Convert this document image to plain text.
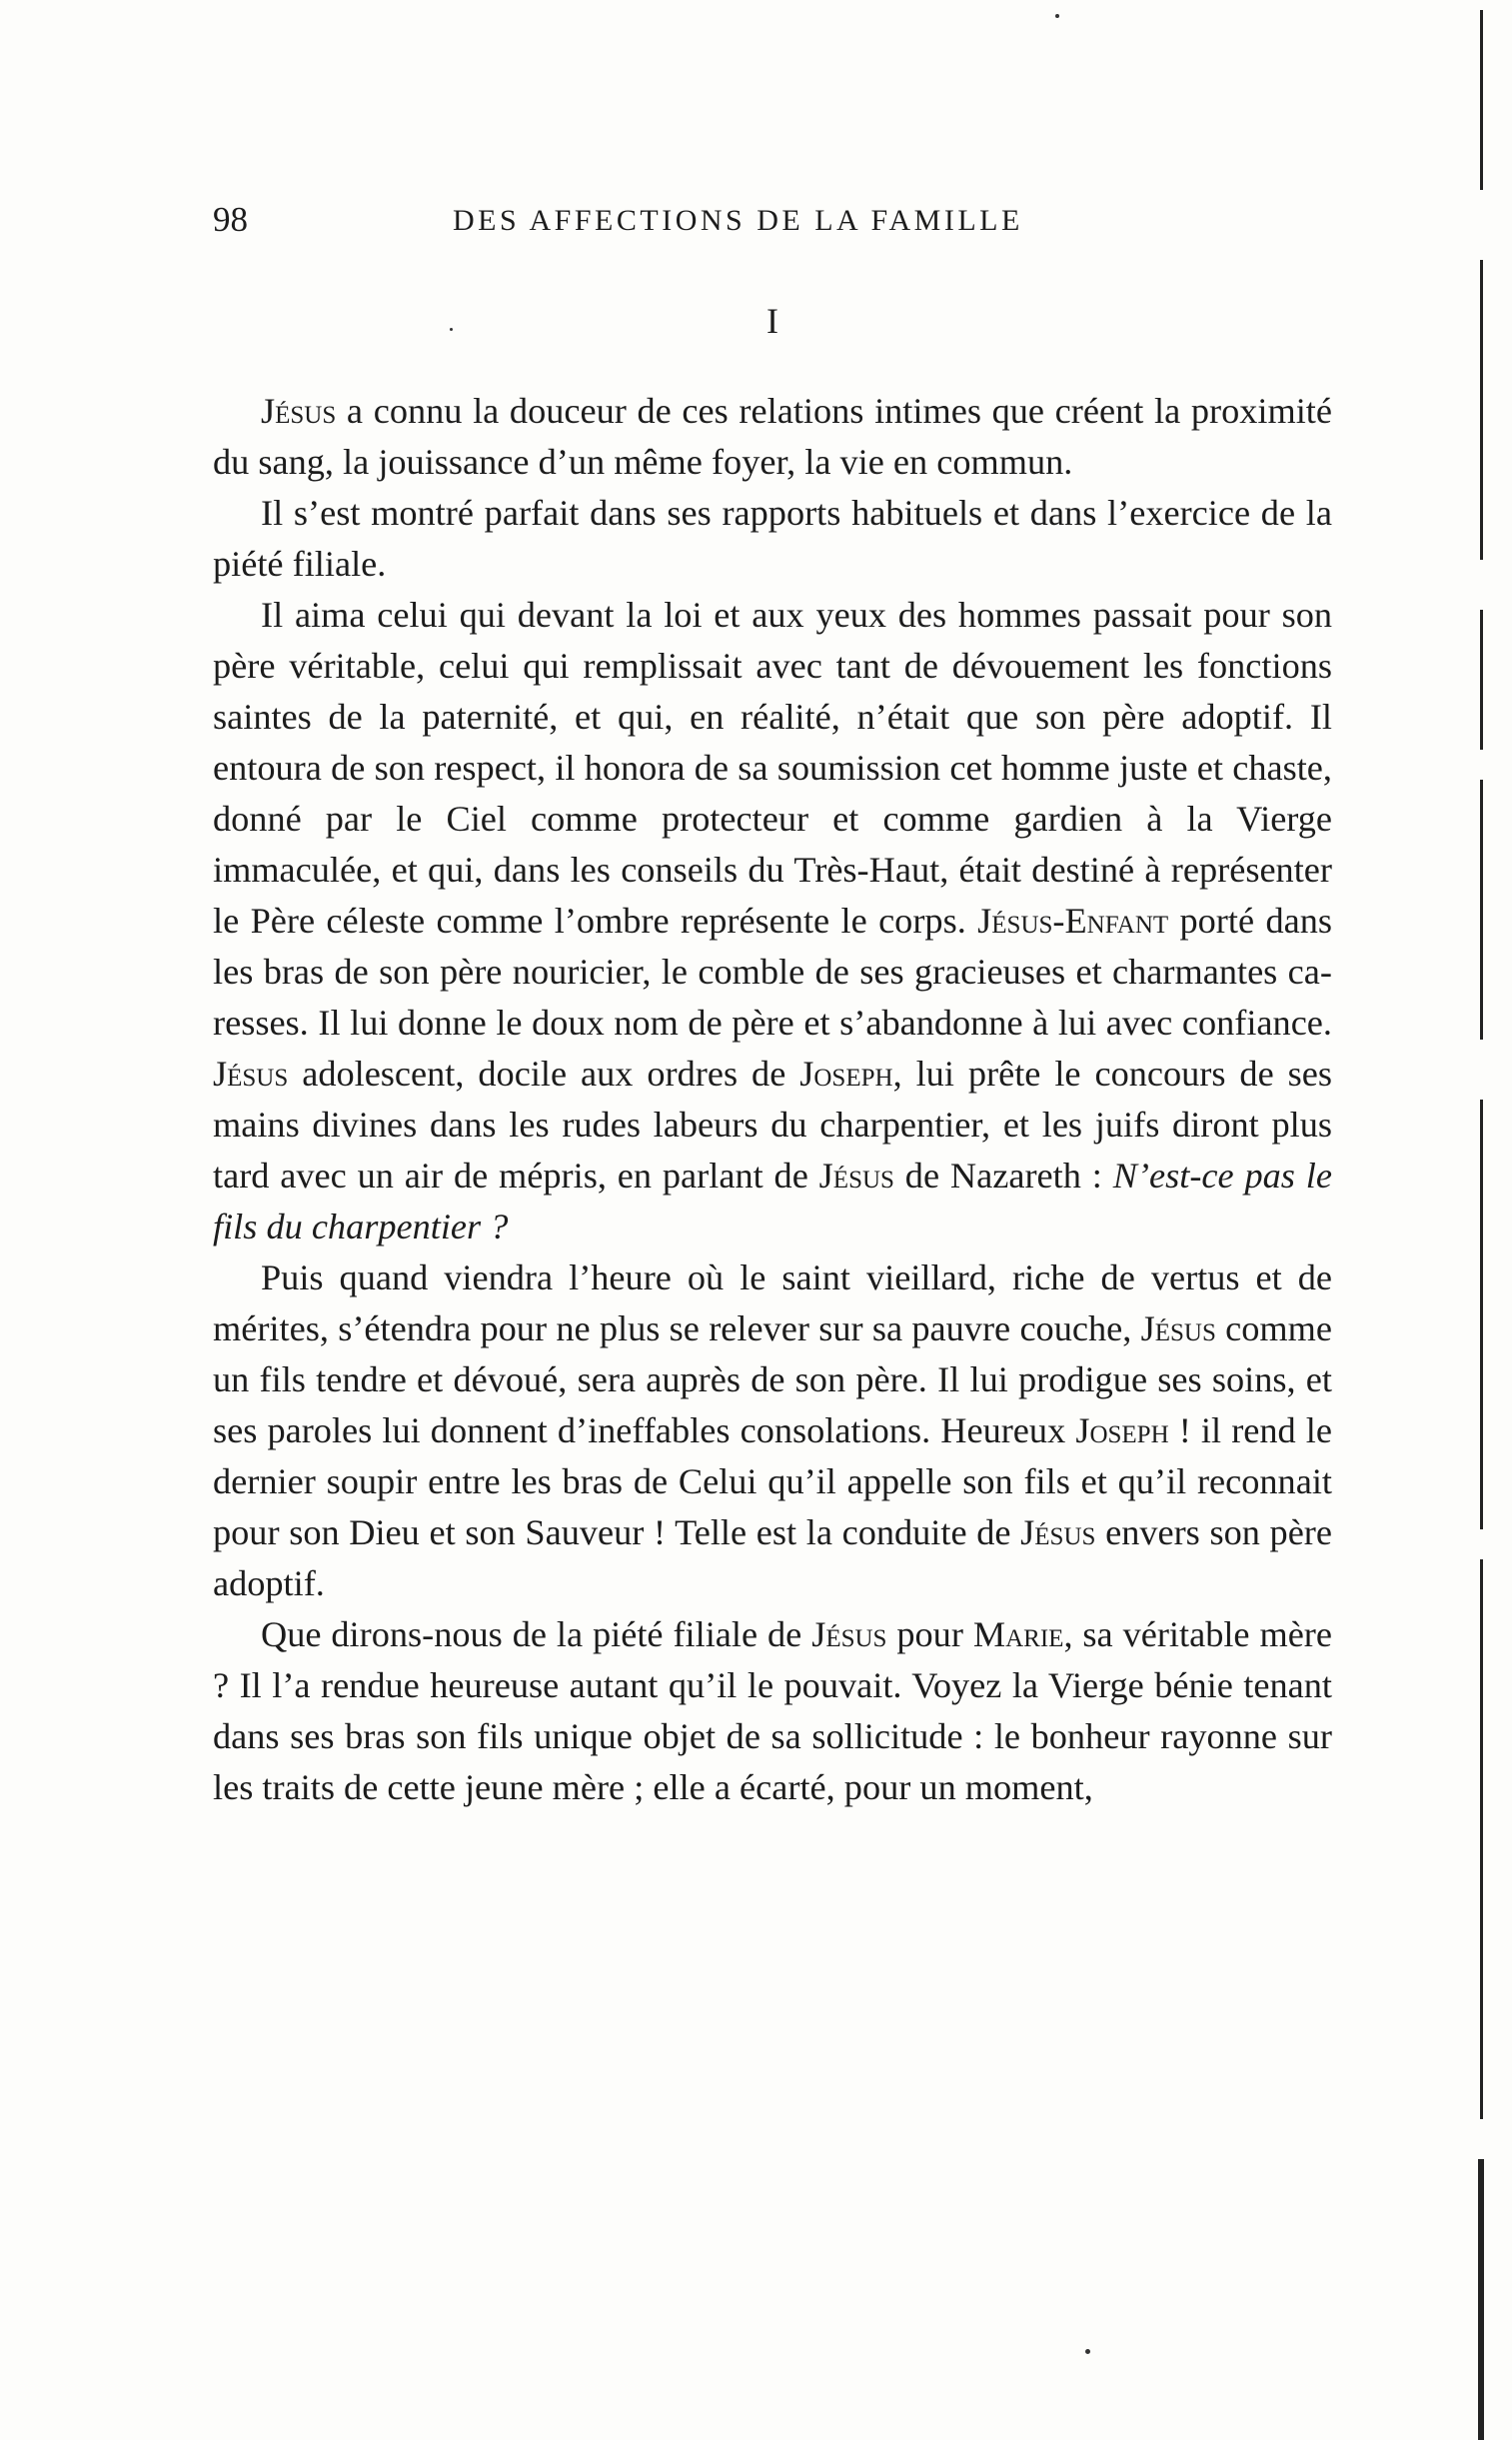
98	DES AFFECTIONS DE LA FAMILLE
I

Jésus a connu la douceur de ces relations intimes que créent la proximité du sang, la jouissance d’un même foyer, la vie en commun.

Il s’est montré parfait dans ses rapports habituels et dans l’exercice de la piété filiale.

Il aima celui qui devant la loi et aux yeux des hommes passait pour son père véritable, celui qui remplissait avec tant de dévouement les fonctions saintes de la paternité, et qui, en réalité, n’était que son père adoptif. Il entoura de son respect, il honora de sa soumission cet homme juste et chaste, donné par le Ciel comme protecteur et comme gardien à la Vierge immaculée, et qui, dans les conseils du Très-Haut, était destiné à représenter le Père céleste comme l’ombre représente le corps. Jésus-Enfant porté dans les bras de son père nouricier, le comble de ses gracieuses et charmantes caresses. Il lui donne le doux nom de père et s’abandonne à lui avec confiance. Jésus adolescent, docile aux ordres de Joseph, lui prête le concours de ses mains divines dans les rudes labeurs du charpentier, et les juifs diront plus tard avec un air de mépris, en parlant de Jésus de Nazareth : N’est-ce pas le fils du charpentier ?

Puis quand viendra l’heure où le saint vieillard, riche de vertus et de mérites, s’étendra pour ne plus se relever sur sa pauvre couche, Jésus comme un fils tendre et dévoué, sera auprès de son père. Il lui prodigue ses soins, et ses paroles lui donnent d’ineffables consolations. Heureux Joseph ! il rend le dernier soupir entre les bras de Celui qu’il appelle son fils et qu’il reconnait pour son Dieu et son Sauveur ! Telle est la conduite de Jésus envers son père adoptif.

Que dirons-nous de la piété filiale de Jésus pour Marie, sa véritable mère ? Il l’a rendue heureuse autant qu’il le pouvait. Voyez la Vierge bénie tenant dans ses bras son fils unique objet de sa sollicitude : le bonheur rayonne sur les traits de cette jeune mère ; elle a écarté, pour un moment,
